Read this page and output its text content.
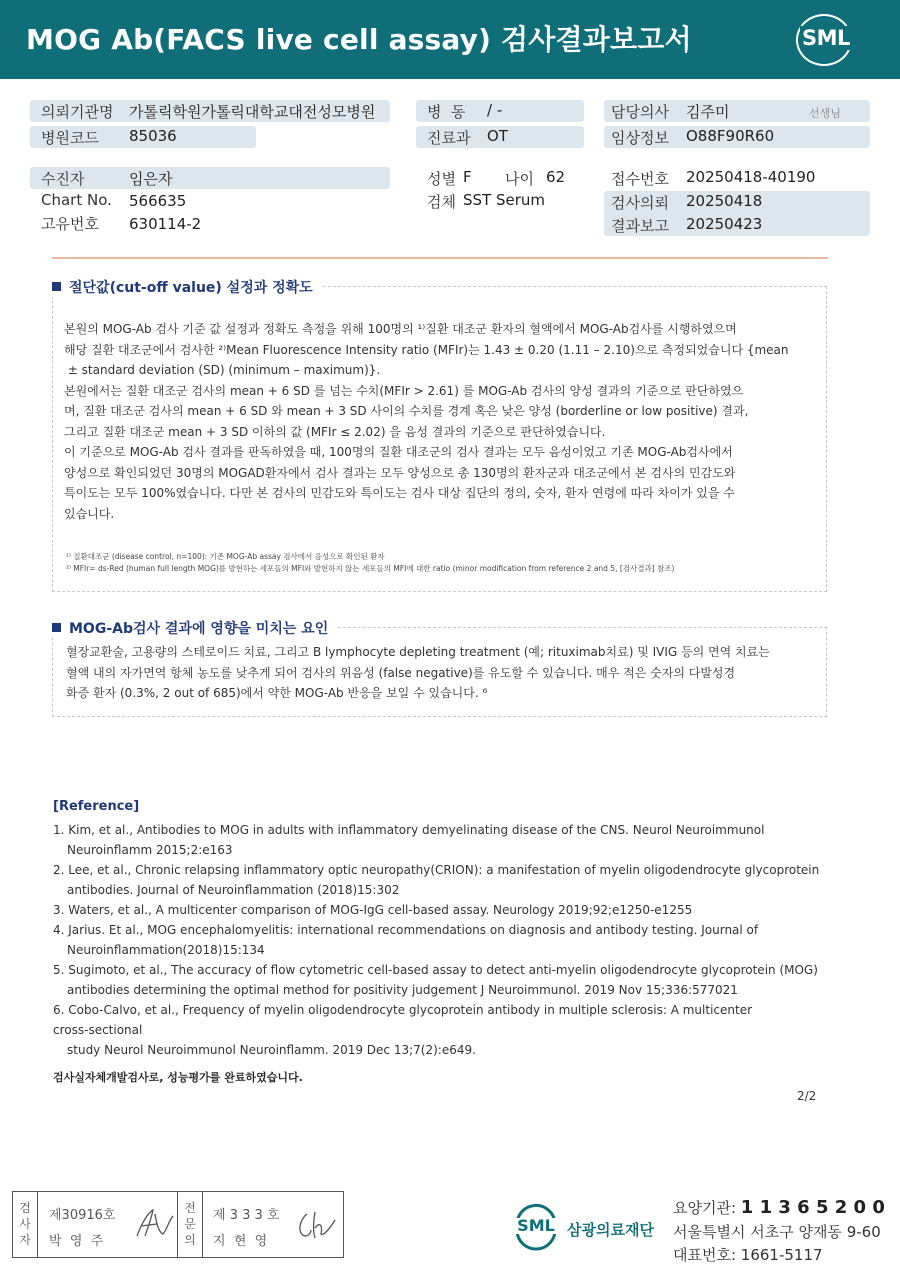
MOG Ab(FACS live cell assay) 검사결과보고서	SML
의뢰기관명 가톨릭학원가톨릭대학교대전성모병원
병원코드 85036
병  동 / -
진료과 OT
담당의사 김주미	선생님
임상정보 O88F90R60
수진자	임은자
Chart No. 566635
고유번호 630114-2
성별 F 나이 62
검체 SST Serum
접수번호 20250418-40190
검사의뢰 20250418
결과보고 20250423
절단값(cut-off value) 설정과 정확도

본원의 MOG-Ab 검사 기준 값 설정과 정확도 측정을 위해 100명의 ¹⁾질환 대조군 환자의 혈액에서 MOG-Ab검사를 시행하였으며

해당 질환 대조군에서 검사한 ²⁾Mean Fluorescence Intensity ratio (MFIr)는 1.43 ± 0.20 (1.11 – 2.10)으로 측정되었습니다 {mean

± standard deviation (SD) (minimum – maximum)}.

본원에서는 질환 대조군 검사의 mean + 6 SD 를 넘는 수치(MFIr > 2.61) 를 MOG-Ab 검사의 양성 결과의 기준으로 판단하였으

며, 질환 대조군 검사의 mean + 6 SD 와 mean + 3 SD 사이의 수치를 경계 혹은 낮은 양성 (borderline or low positive) 결과,

그리고 질환 대조군 mean + 3 SD 이하의 값 (MFIr ≤ 2.02) 을 음성 결과의 기준으로 판단하였습니다.

이 기준으로 MOG-Ab 검사 결과를 판독하였을 때, 100명의 질환 대조군의 검사 결과는 모두 음성이었고 기존 MOG-Ab검사에서

양성으로 확인되었던 30명의 MOGAD환자에서 검사 결과는 모두 양성으로 총 130명의 환자군과 대조군에서 본 검사의 민감도와

특이도는 모두 100%였습니다. 다만 본 검사의 민감도와 특이도는 검사 대상 집단의 정의, 숫자, 환자 연령에 따라 차이가 있을 수

있습니다.

¹⁾ 질환대조군 (disease control, n=100): 기존 MOG-Ab assay 검사에서 음성으로 확인된 환자
²⁾ MFIr= ds-Red (human full length MOG)를 발현하는 세포들의 MFI와 발현하지 않는 세포들의 MFI에 대한 ratio (minor modification from reference 2 and 5, [검사결과] 참조)
MOG-Ab검사 결과에 영향을 미치는 요인

혈장교환술, 고용량의 스테로이드 치료, 그리고 B lymphocyte depleting treatment (예; rituximab치료) 및 IVIG 등의 면역 치료는

혈액 내의 자가면역 항체 농도를 낮추게 되어 검사의 위음성 (false negative)를 유도할 수 있습니다. 매우 적은 숫자의 다발성경

화증 환자 (0.3%, 2 out of 685)에서 약한 MOG-Ab 반응을 보일 수 있습니다. ⁶

[Reference]
1. Kim, et al., Antibodies to MOG in adults with inflammatory demyelinating disease of the CNS. Neurol Neuroimmunol
Neuroinflamm 2015;2:e163
2. Lee, et al., Chronic relapsing inflammatory optic neuropathy(CRION): a manifestation of myelin oligodendrocyte glycoprotein
antibodies. Journal of Neuroinflammation (2018)15:302
3. Waters, et al., A multicenter comparison of MOG-IgG cell-based assay. Neurology 2019;92;e1250-e1255
4. Jarius. Et al., MOG encephalomyelitis: international recommendations on diagnosis and antibody testing. Journal of
Neuroinflammation(2018)15:134
5. Sugimoto, et al., The accuracy of flow cytometric cell-based assay to detect anti-myelin oligodendrocyte glycoprotein (MOG)
antibodies determining the optimal method for positivity judgement J Neuroimmunol. 2019 Nov 15;336:577021
6. Cobo-Calvo, et al., Frequency of myelin oligodendrocyte glycoprotein antibody in multiple sclerosis: A multicenter
cross-sectional
study Neurol Neuroimmunol Neuroinflamm. 2019 Dec 13;7(2):e649.
검사실자체개발검사로, 성능평가를 완료하였습니다.
2/2
검사자
제30916호
박  영  주
전문의
제 3 3 3 호
지  현  영
SML 삼광의료재단
요양기관: 1 1 3 6 5 2 0 0
서울특별시 서초구 양재동 9-60
대표번호: 1661-5117
